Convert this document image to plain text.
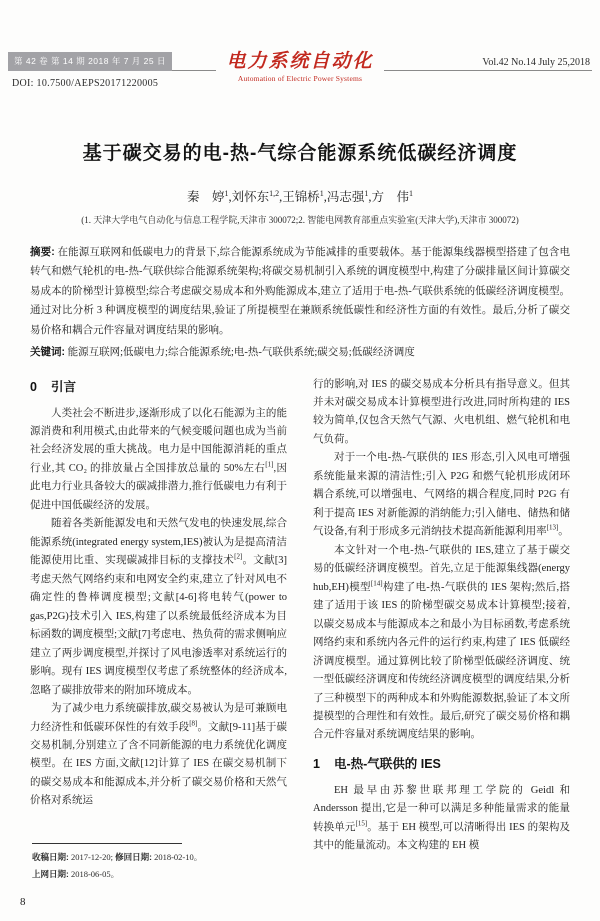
第 42 卷 第 14 期 2018 年 7 月 25 日
DOI: 10.7500/AEPS20171220005
电力系统自动化
Automation of Electric Power Systems
Vol.42 No.14 July 25,2018
基于碳交易的电-热-气综合能源系统低碳经济调度
秦　婷$^1$,刘怀东$^{1,2}$,王锦桥$^1$,冯志强$^1$,方　伟$^1$
(1. 天津大学电气自动化与信息工程学院,天津市 300072;2. 智能电网教育部重点实验室(天津大学),天津市 300072)
摘要: 在能源互联网和低碳电力的背景下,综合能源系统成为节能减排的重要载体。基于能源集线器模型搭建了包含电转气和燃气轮机的电-热-气联供综合能源系统架构;将碳交易机制引入系统的调度模型中,构建了分碳排量区间计算碳交易成本的阶梯型计算模型;综合考虑碳交易成本和外购能源成本,建立了适用于电-热-气联供系统的低碳经济调度模型。通过对比分析 3 种调度模型的调度结果,验证了所提模型在兼顾系统低碳性和经济性方面的有效性。最后,分析了碳交易价格和耦合元件容量对调度结果的影响。
关键词: 能源互联网;低碳电力;综合能源系统;电-热-气联供系统;碳交易;低碳经济调度
0 引言

人类社会不断进步,逐渐形成了以化石能源为主的能源消费和利用模式,由此带来的气候变暖问题也成为当前社会经济发展的重大挑战。电力是中国能源消耗的重点行业,其 CO₂ 的排放量占全国排放总量的 50%左右[1],因此电力行业具备较大的碳减排潜力,推行低碳电力有利于促进中国低碳经济的发展。

随着各类新能源发电和天然气发电的快速发展,综合能源系统(integrated energy system,IES)被认为是提高清洁能源使用比重、实现碳减排目标的支撑技术[2]。文献[3]考虑天然气网络约束和电网安全约束,建立了针对风电不确定性的鲁棒调度模型;文献[4-6]将电转气(power to gas,P2G)技术引入 IES,构建了以系统最低经济成本为目标函数的调度模型;文献[7]考虑电、热负荷的需求侧响应建立了两步调度模型,并探讨了风电渗透率对系统运行的影响。现有 IES 调度模型仅考虑了系统整体的经济成本,忽略了碳排放带来的附加环境成本。

为了减少电力系统碳排放,碳交易被认为是可兼顾电力经济性和低碳环保性的有效手段[8]。文献[9-11]基于碳交易机制,分别建立了含不同新能源的电力系统优化调度模型。在 IES 方面,文献[12]计算了 IES 在碳交易机制下的碳交易成本和能源成本,并分析了碳交易价格和天然气价格对系统运

行的影响,对 IES 的碳交易成本分析具有指导意义。但其并未对碳交易成本计算模型进行改进,同时所构建的 IES 较为简单,仅包含天然气气源、火电机组、燃气轮机和电气负荷。

对于一个电-热-气联供的 IES 形态,引入风电可增强系统能量来源的清洁性;引入 P2G 和燃气轮机形成闭环耦合系统,可以增强电、气网络的耦合程度,同时 P2G 有利于提高 IES 对新能源的消纳能力;引入储电、储热和储气设备,有利于形成多元消纳技术提高新能源利用率[13]。

本文针对一个电-热-气联供的 IES,建立了基于碳交易的低碳经济调度模型。首先,立足于能源集线器(energy hub,EH)模型[14]构建了电-热-气联供的 IES 架构;然后,搭建了适用于该 IES 的阶梯型碳交易成本计算模型;接着,以碳交易成本与能源成本之和最小为目标函数,考虑系统网络约束和系统内各元件的运行约束,构建了 IES 低碳经济调度模型。通过算例比较了阶梯型低碳经济调度、统一型低碳经济调度和传统经济调度模型的调度结果,分析了三种模型下的两种成本和外购能源数据,验证了本文所提模型的合理性和有效性。最后,研究了碳交易价格和耦合元件容量对系统调度结果的影响。

1 电-热-气联供的 IES

EH 最早由苏黎世联邦理工学院的 Geidl 和 Andersson 提出,它是一种可以满足多种能量需求的能量转换单元[15]。基于 EH 模型,可以清晰得出 IES 的架构及其中的能量流动。本文构建的 EH 模

收稿日期: 2017-12-20; 修回日期: 2018-02-10。
上网日期: 2018-06-05。
8
